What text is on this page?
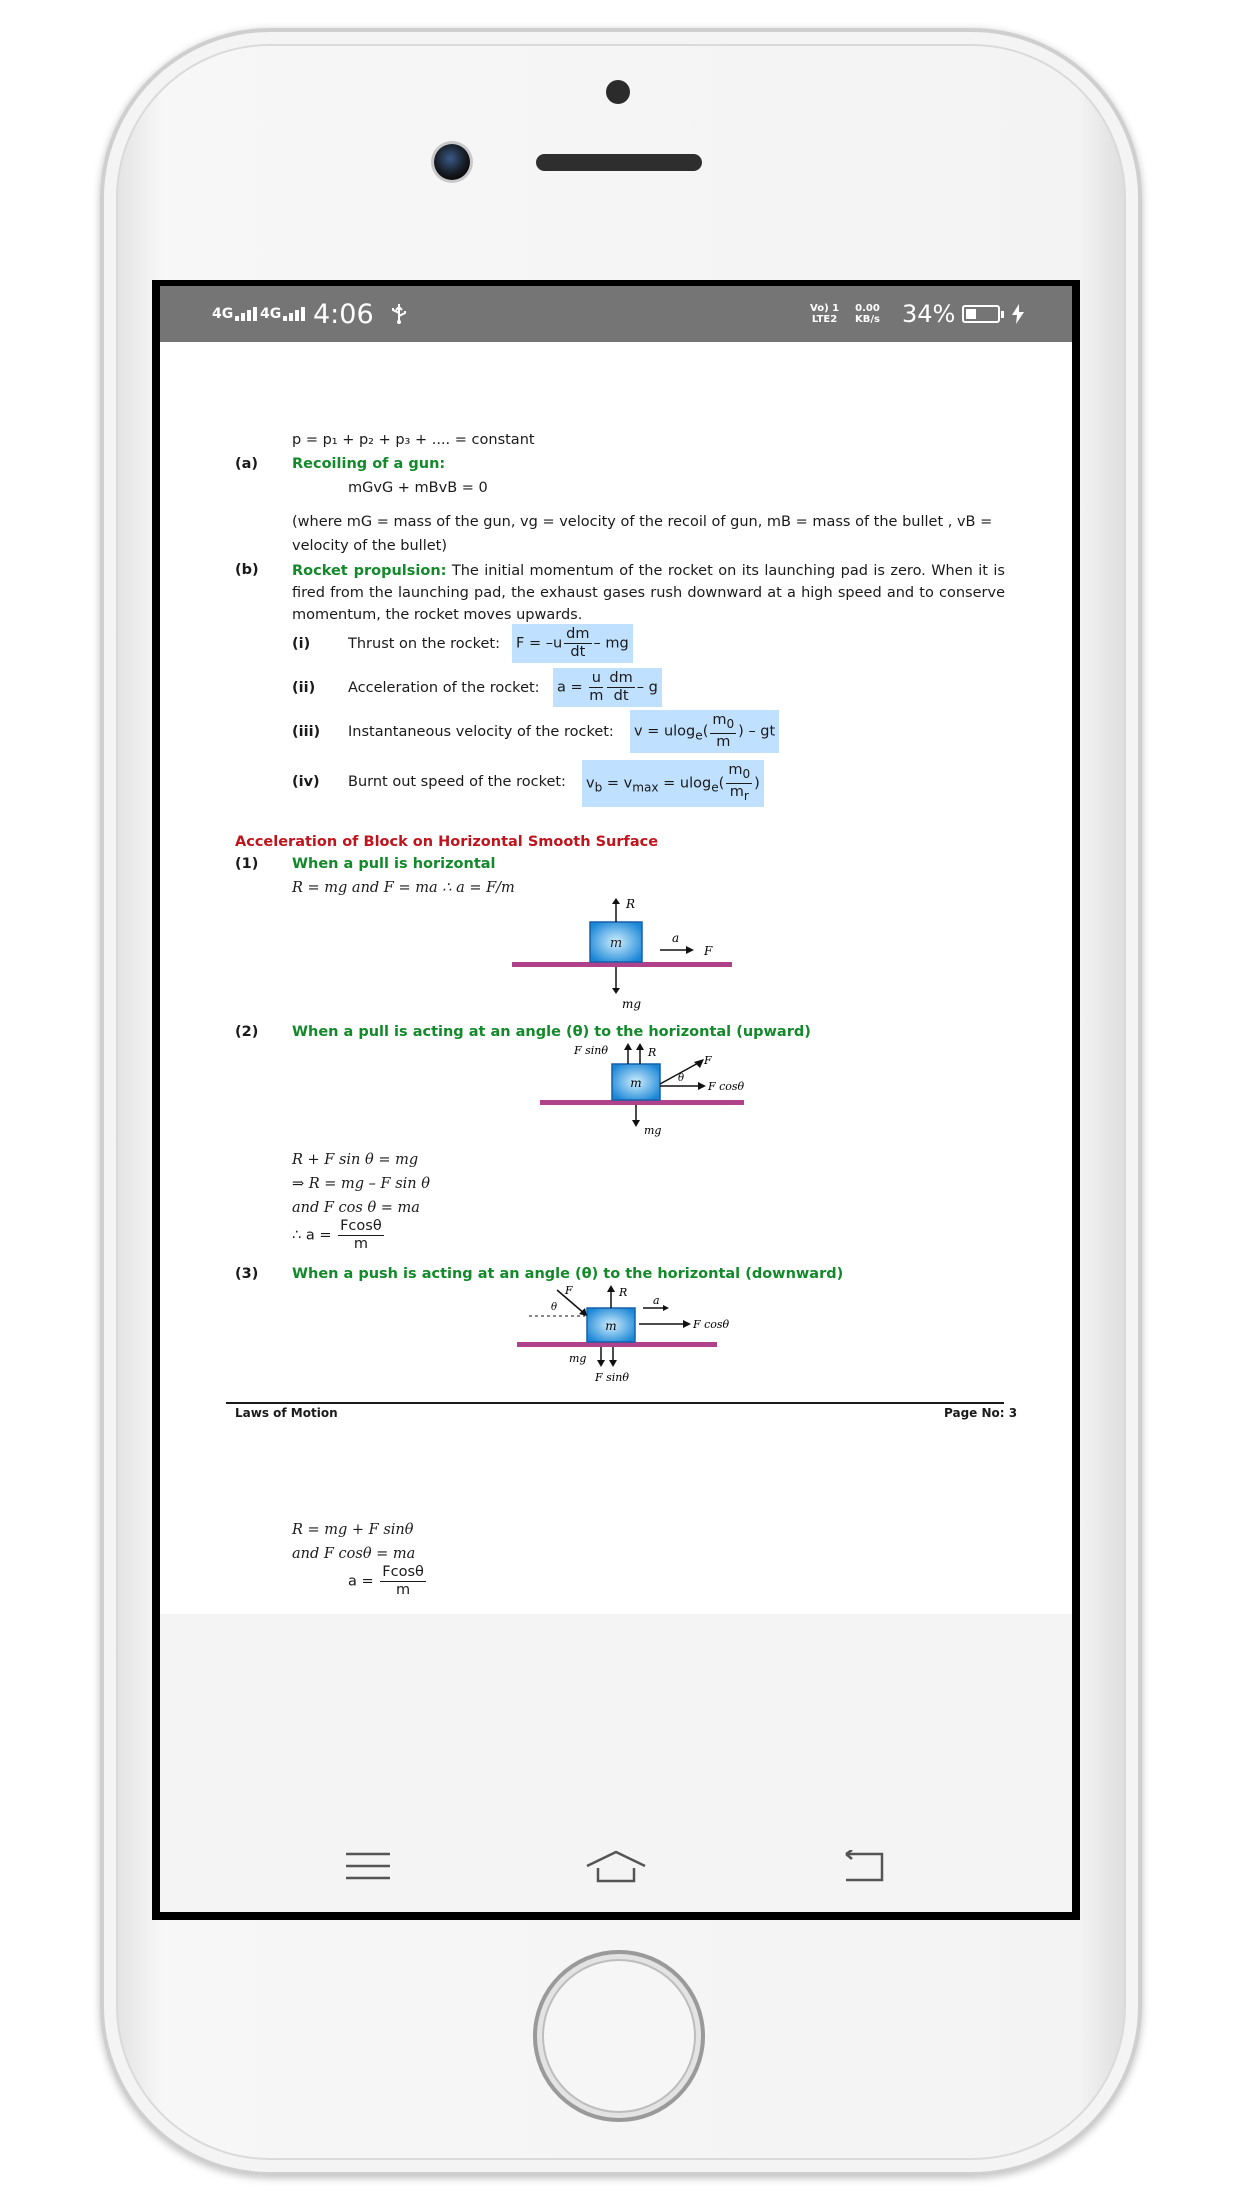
4G 4G 4:06	Vo) 1
LTE2
0.00
KB/s 34%
p = p₁ + p₂ + p₃ + .... = constant
(a) Recoiling of a gun:
mGvG + mBvB = 0
(where mG = mass of the gun, vg = velocity of the recoil of gun, mB = mass of the bullet , vB =
velocity of the bullet)
(b) Rocket propulsion: The initial momentum of the rocket on its launching pad is zero. When it is fired from the launching pad, the exhaust gases rush downward at a high speed and to conserve momentum, the rocket moves upwards.
(i)	Thrust on the rocket: $F = -u \frac{dm}{dt}$ – mg
(ii) Acceleration of the rocket: $a = \frac{u}{m} \frac{dm}{dt} - g$
(iii) Instantaneous velocity of the rocket: $v = ulog_e( \frac{m_0}{m}$ ) – gt
(iv) Burnt out speed of the rocket: $v_b = v_{max} = ulog_e( \frac{m_0}{m_r}$ )
Acceleration of Block on Horizontal Smooth Surface
(1) When a pull is horizontal
R = mg and F = ma ∴ a = F/m
m
R
mg
a
F
(2) When a pull is acting at an angle (θ) to the horizontal (upward)
m
F sinθ	R
F
θ
F cosθ
mg
R + F sin θ = mg
⇒ R = mg – F sin θ
and F cos θ = ma
∴ $a = \frac{Fcos\theta}{m}$
(3) When a push is acting at an angle (θ) to the horizontal (downward)
m
R
F
θ
F cosθ
a
mg
F sinθ
Laws of Motion	Page No: 3
R = mg + F sinθ
and F cosθ = ma
$a = \frac{Fcos\theta}{m}$
